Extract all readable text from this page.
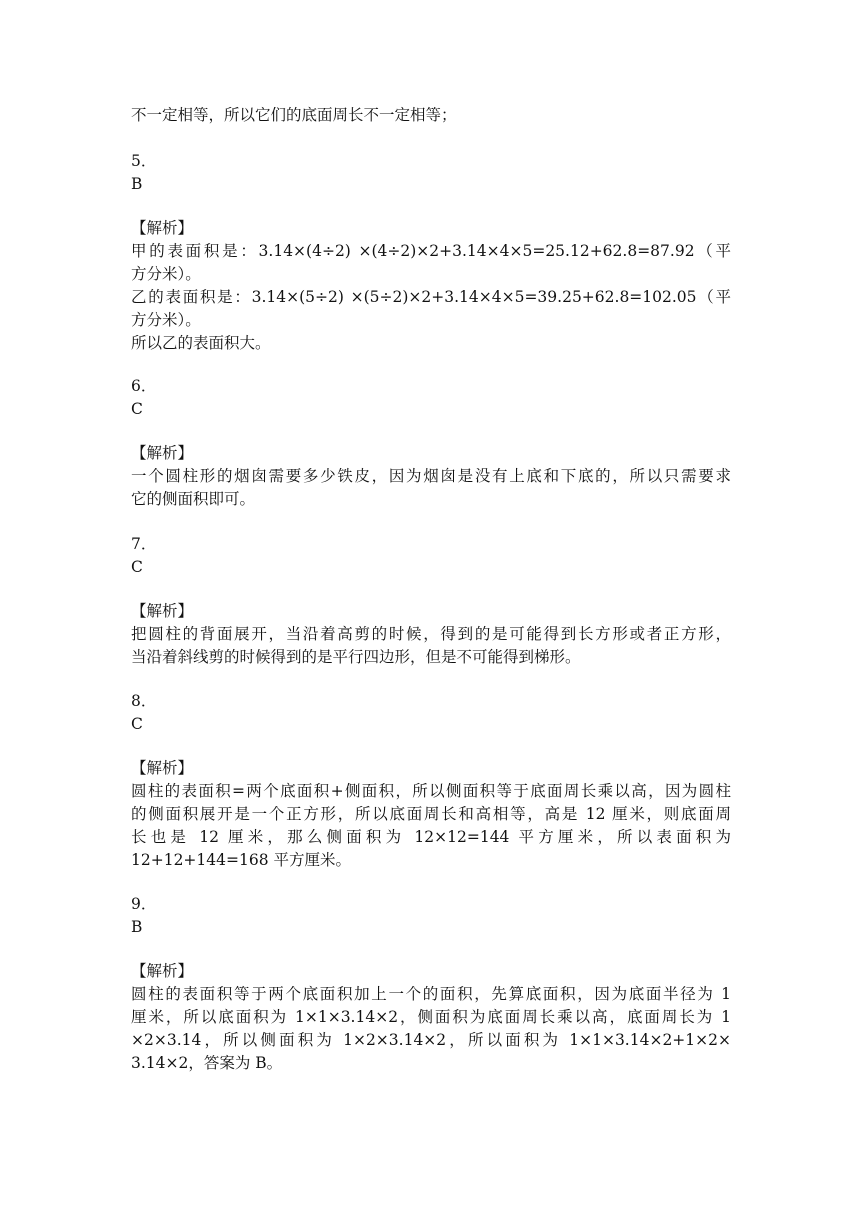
不一定相等，所以它们的底面周长不一定相等；
5．
B
【解析】
甲的表面积是：3.14×(4÷2) ×(4÷2)×2+3.14×4×5=25.12+62.8=87.92（平
方分米）。
乙的表面积是：3.14×(5÷2) ×(5÷2)×2+3.14×4×5=39.25+62.8=102.05（平
方分米）。
所以乙的表面积大。
6．
C
【解析】
一个圆柱形的烟囱需要多少铁皮，因为烟囱是没有上底和下底的，所以只需要求
它的侧面积即可。
7．
C
【解析】
把圆柱的背面展开，当沿着高剪的时候，得到的是可能得到长方形或者正方形，
当沿着斜线剪的时候得到的是平行四边形，但是不可能得到梯形。
8．
C
【解析】
圆柱的表面积=两个底面积+侧面积，所以侧面积等于底面周长乘以高，因为圆柱
的侧面积展开是一个正方形，所以底面周长和高相等，高是 12 厘米，则底面周
长也是 12 厘米，那么侧面积为 12×12=144 平方厘米，所以表面积为
12+12+144=168 平方厘米。
9．
B
【解析】
圆柱的表面积等于两个底面积加上一个的面积，先算底面积，因为底面半径为 1
厘米，所以底面积为 1×1×3.14×2，侧面积为底面周长乘以高，底面周长为 1
×2×3.14，所以侧面积为 1×2×3.14×2，所以面积为 1×1×3.14×2+1×2×
3.14×2，答案为 B。
